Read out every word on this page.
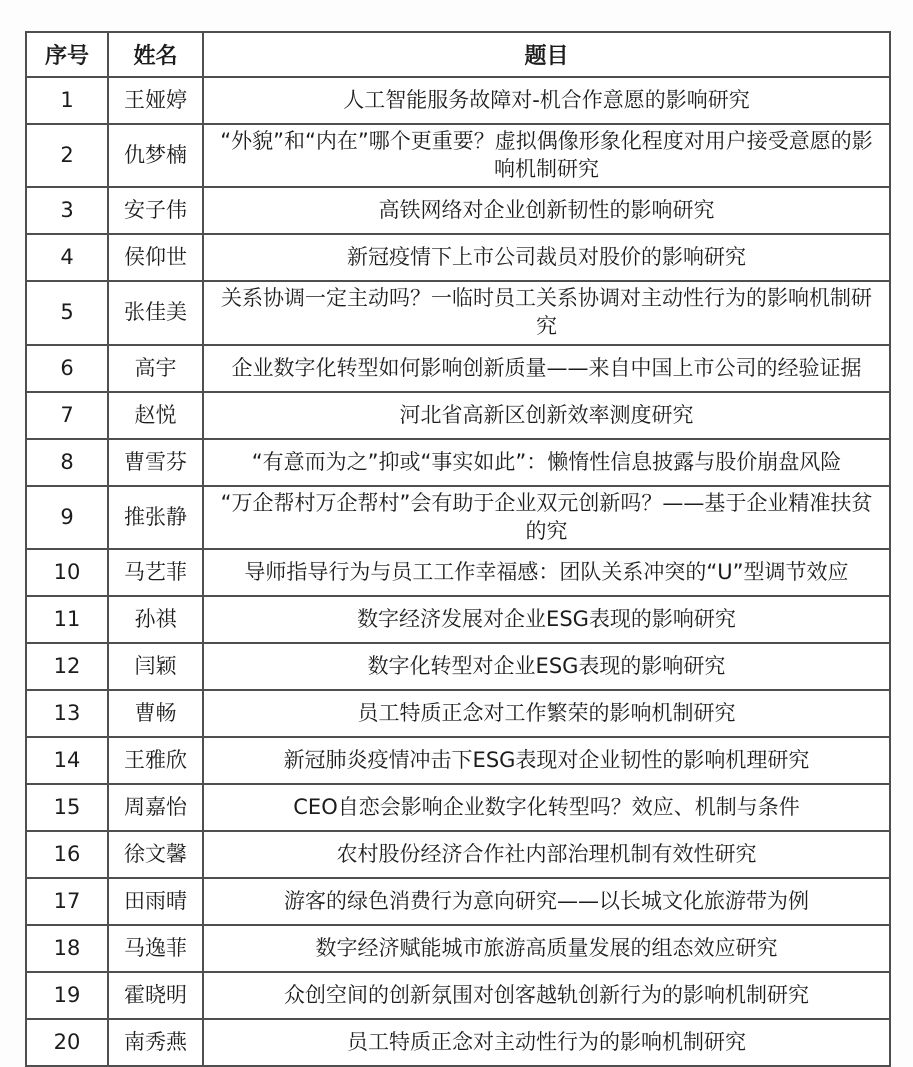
序号	姓名	题目
1	王娅婷	人工智能服务故障对-机合作意愿的影响研究
2	仇梦楠	“外貌”和“内在”哪个更重要？虚拟偶像形象化程度对用户接受意愿的影响机制研究
3	安子伟	高铁网络对企业创新韧性的影响研究
4	侯仰世	新冠疫情下上市公司裁员对股价的影响研究
5	张佳美	关系协调一定主动吗？一临时员工关系协调对主动性行为的影响机制研究
6	高宇	企业数字化转型如何影响创新质量——来自中国上市公司的经验证据
7	赵悦	河北省高新区创新效率测度研究
8	曹雪芬	“有意而为之”抑或“事实如此”：懒惰性信息披露与股价崩盘风险
9	推张静	“万企帮村万企帮村”会有助于企业双元创新吗？——基于企业精准扶贫的究
10	马艺菲	导师指导行为与员工工作幸福感：团队关系冲突的“U”型调节效应
11	孙祺	数字经济发展对企业ESG表现的影响研究
12	闫颖	数字化转型对企业ESG表现的影响研究
13	曹畅	员工特质正念对工作繁荣的影响机制研究
14	王雅欣	新冠肺炎疫情冲击下ESG表现对企业韧性的影响机理研究
15	周嘉怡	CEO自恋会影响企业数字化转型吗？效应、机制与条件
16	徐文馨	农村股份经济合作社内部治理机制有效性研究
17	田雨晴	游客的绿色消费行为意向研究——以长城文化旅游带为例
18	马逸菲	数字经济赋能城市旅游高质量发展的组态效应研究
19	霍晓明	众创空间的创新氛围对创客越轨创新行为的影响机制研究
20	南秀燕	员工特质正念对主动性行为的影响机制研究
